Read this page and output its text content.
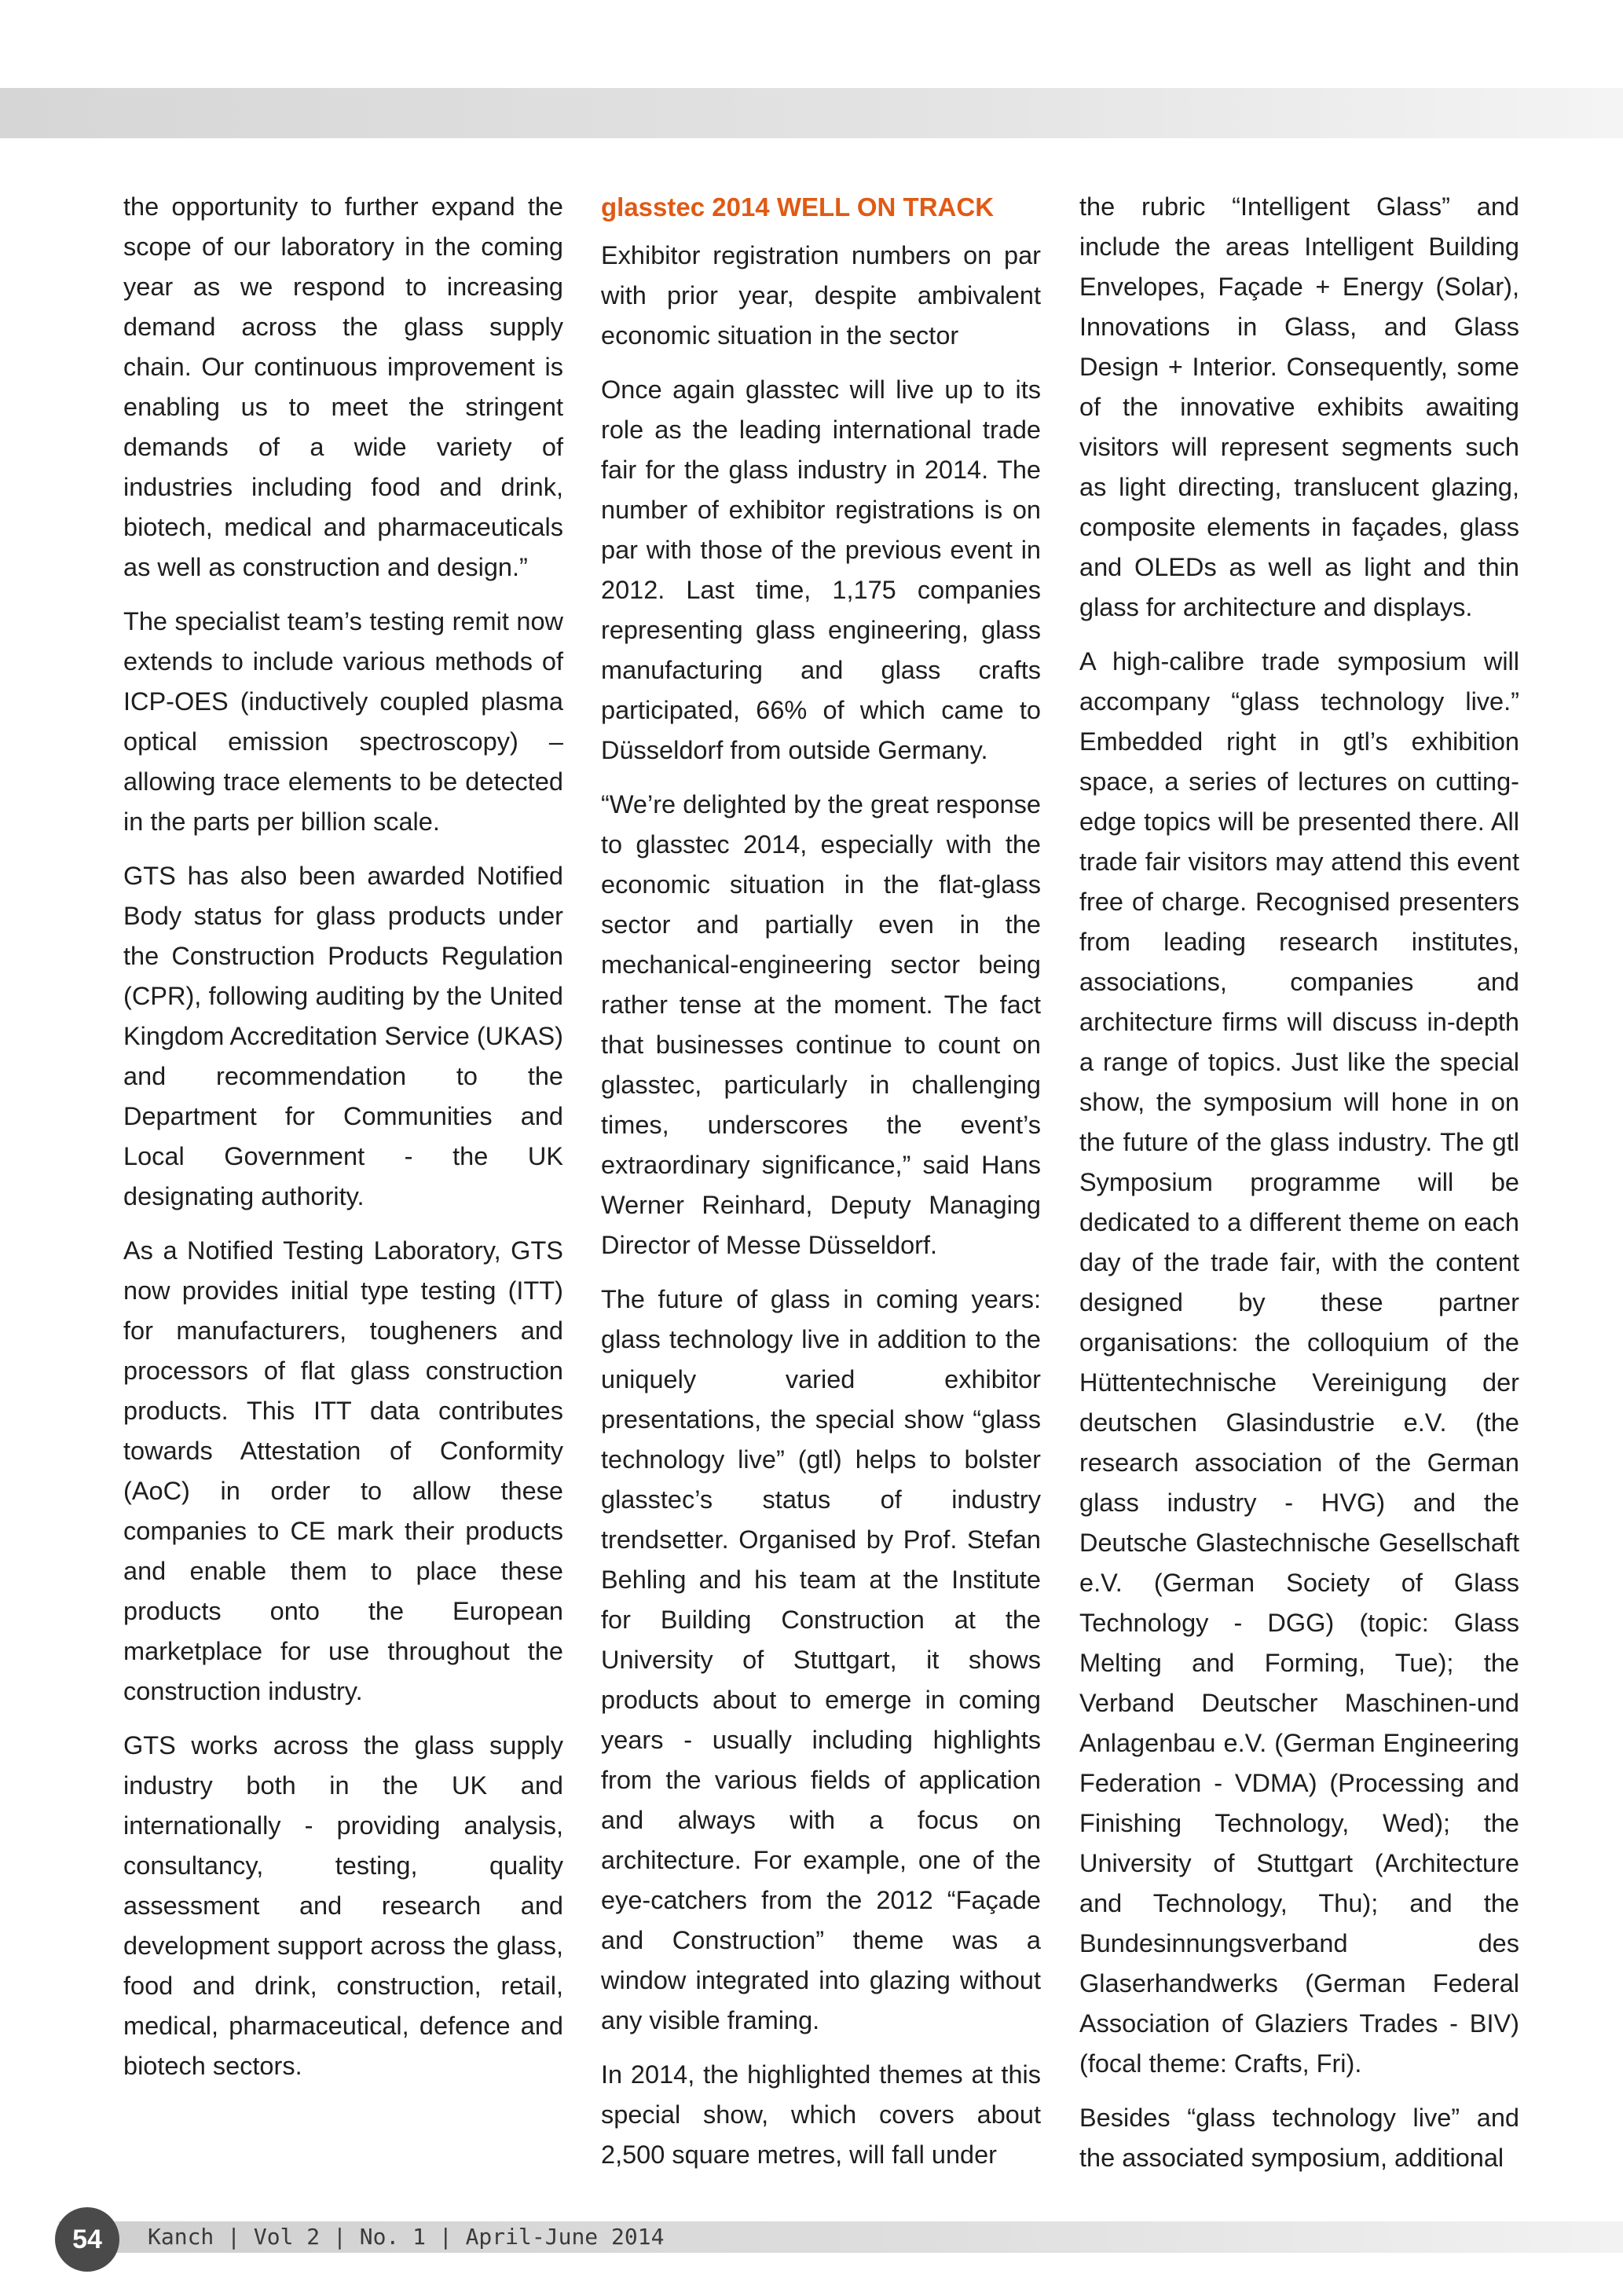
the opportunity to further expand the scope of our laboratory in the coming year as we respond to increasing demand across the glass supply chain. Our continuous improvement is enabling us to meet the stringent demands of a wide variety of industries including food and drink, biotech, medical and pharmaceuticals as well as construction and design.”

The specialist team’s testing remit now extends to include various methods of ICP-OES (inductively coupled plasma optical emission spectroscopy) – allowing trace elements to be detected in the parts per billion scale.

GTS has also been awarded Notified Body status for glass products under the Construction Products Regulation (CPR), following auditing by the United Kingdom Accreditation Service (UKAS) and recommendation to the Department for Communities and Local Government - the UK designating authority.

As a Notified Testing Laboratory, GTS now provides initial type testing (ITT) for manufacturers, tougheners and processors of flat glass construction products. This ITT data contributes towards Attestation of Conformity (AoC) in order to allow these companies to CE mark their products and enable them to place these products onto the European marketplace for use throughout the construction industry.

GTS works across the glass supply industry both in the UK and internationally - providing analysis, consultancy, testing, quality assessment and research and development support across the glass, food and drink, construction, retail, medical, pharmaceutical, defence and biotech sectors.

glasstec 2014 WELL ON TRACK

Exhibitor registration numbers on par with prior year, despite ambivalent economic situation in the sector

Once again glasstec will live up to its role as the leading international trade fair for the glass industry in 2014. The number of exhibitor registrations is on par with those of the previous event in 2012. Last time, 1,175 companies representing glass engineering, glass manufacturing and glass crafts participated, 66% of which came to Düsseldorf from outside Germany.

“We’re delighted by the great response to glasstec 2014, especially with the economic situation in the flat-glass sector and partially even in the mechanical-engineering sector being rather tense at the moment. The fact that businesses continue to count on glasstec, particularly in challenging times, underscores the event’s extraordinary significance,” said Hans Werner Reinhard, Deputy Managing Director of Messe Düsseldorf.

The future of glass in coming years: glass technology live in addition to the uniquely varied exhibitor presentations, the special show “glass technology live” (gtl) helps to bolster glasstec’s status of industry trendsetter. Organised by Prof. Stefan Behling and his team at the Institute for Building Construction at the University of Stuttgart, it shows products about to emerge in coming years - usually including highlights from the various fields of application and always with a focus on architecture. For example, one of the eye-catchers from the 2012 “Façade and Construction” theme was a window integrated into glazing without any visible framing.

In 2014, the highlighted themes at this special show, which covers about 2,500 square metres, will fall under

the rubric “Intelligent Glass” and include the areas Intelligent Building Envelopes, Façade + Energy (Solar), Innovations in Glass, and Glass Design + Interior. Consequently, some of the innovative exhibits awaiting visitors will represent segments such as light directing, translucent glazing, composite elements in façades, glass and OLEDs as well as light and thin glass for architecture and displays.

A high-calibre trade symposium will accompany “glass technology live.” Embedded right in gtl’s exhibition space, a series of lectures on cutting-edge topics will be presented there. All trade fair visitors may attend this event free of charge. Recognised presenters from leading research institutes, associations, companies and architecture firms will discuss in-depth a range of topics. Just like the special show, the symposium will hone in on the future of the glass industry. The gtl Symposium programme will be dedicated to a different theme on each day of the trade fair, with the content designed by these partner organisations: the colloquium of the Hüttentechnische Vereinigung der deutschen Glasindustrie e.V. (the research association of the German glass industry - HVG) and the Deutsche Glastechnische Gesellschaft e.V. (German Society of Glass Technology - DGG) (topic: Glass Melting and Forming, Tue); the Verband Deutscher Maschinen-und Anlagenbau e.V. (German Engineering Federation - VDMA) (Processing and Finishing Technology, Wed); the University of Stuttgart (Architecture and Technology, Thu); and the Bundesinnungsverband des Glaserhandwerks (German Federal Association of Glaziers Trades - BIV) (focal theme: Crafts, Fri).

Besides “glass technology live” and the associated symposium, additional

54	Kanch | Vol 2 | No. 1 | April-June 2014
